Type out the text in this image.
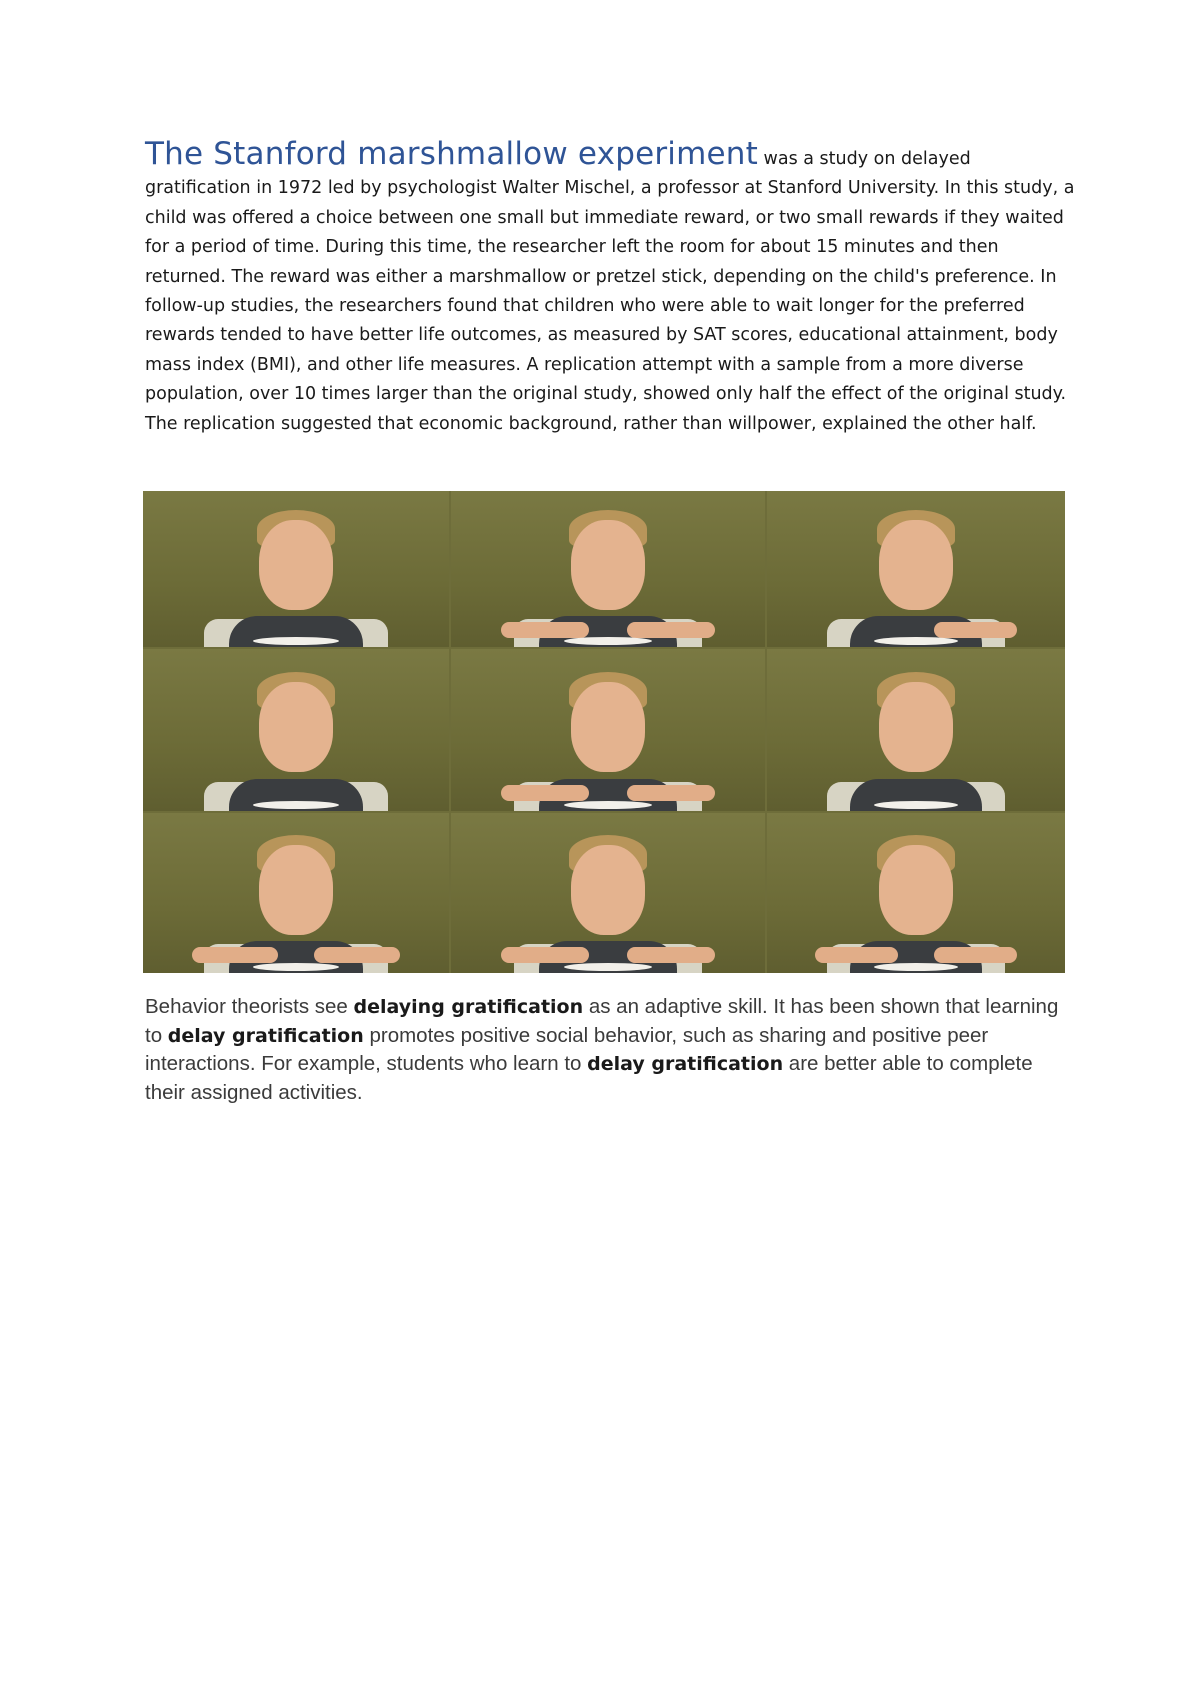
The Stanford marshmallow experiment was a study on delayed gratification in 1972 led by psychologist Walter Mischel, a professor at Stanford University. In this study, a child was offered a choice between one small but immediate reward, or two small rewards if they waited for a period of time. During this time, the researcher left the room for about 15 minutes and then returned. The reward was either a marshmallow or pretzel stick, depending on the child's preference. In follow-up studies, the researchers found that children who were able to wait longer for the preferred rewards tended to have better life outcomes, as measured by SAT scores, educational attainment, body mass index (BMI), and other life measures. A replication attempt with a sample from a more diverse population, over 10 times larger than the original study, showed only half the effect of the original study. The replication suggested that economic background, rather than willpower, explained the other half.

Behavior theorists see delaying gratification as an adaptive skill. It has been shown that learning to delay gratification promotes positive social behavior, such as sharing and positive peer interactions. For example, students who learn to delay gratification are better able to complete their assigned activities.
